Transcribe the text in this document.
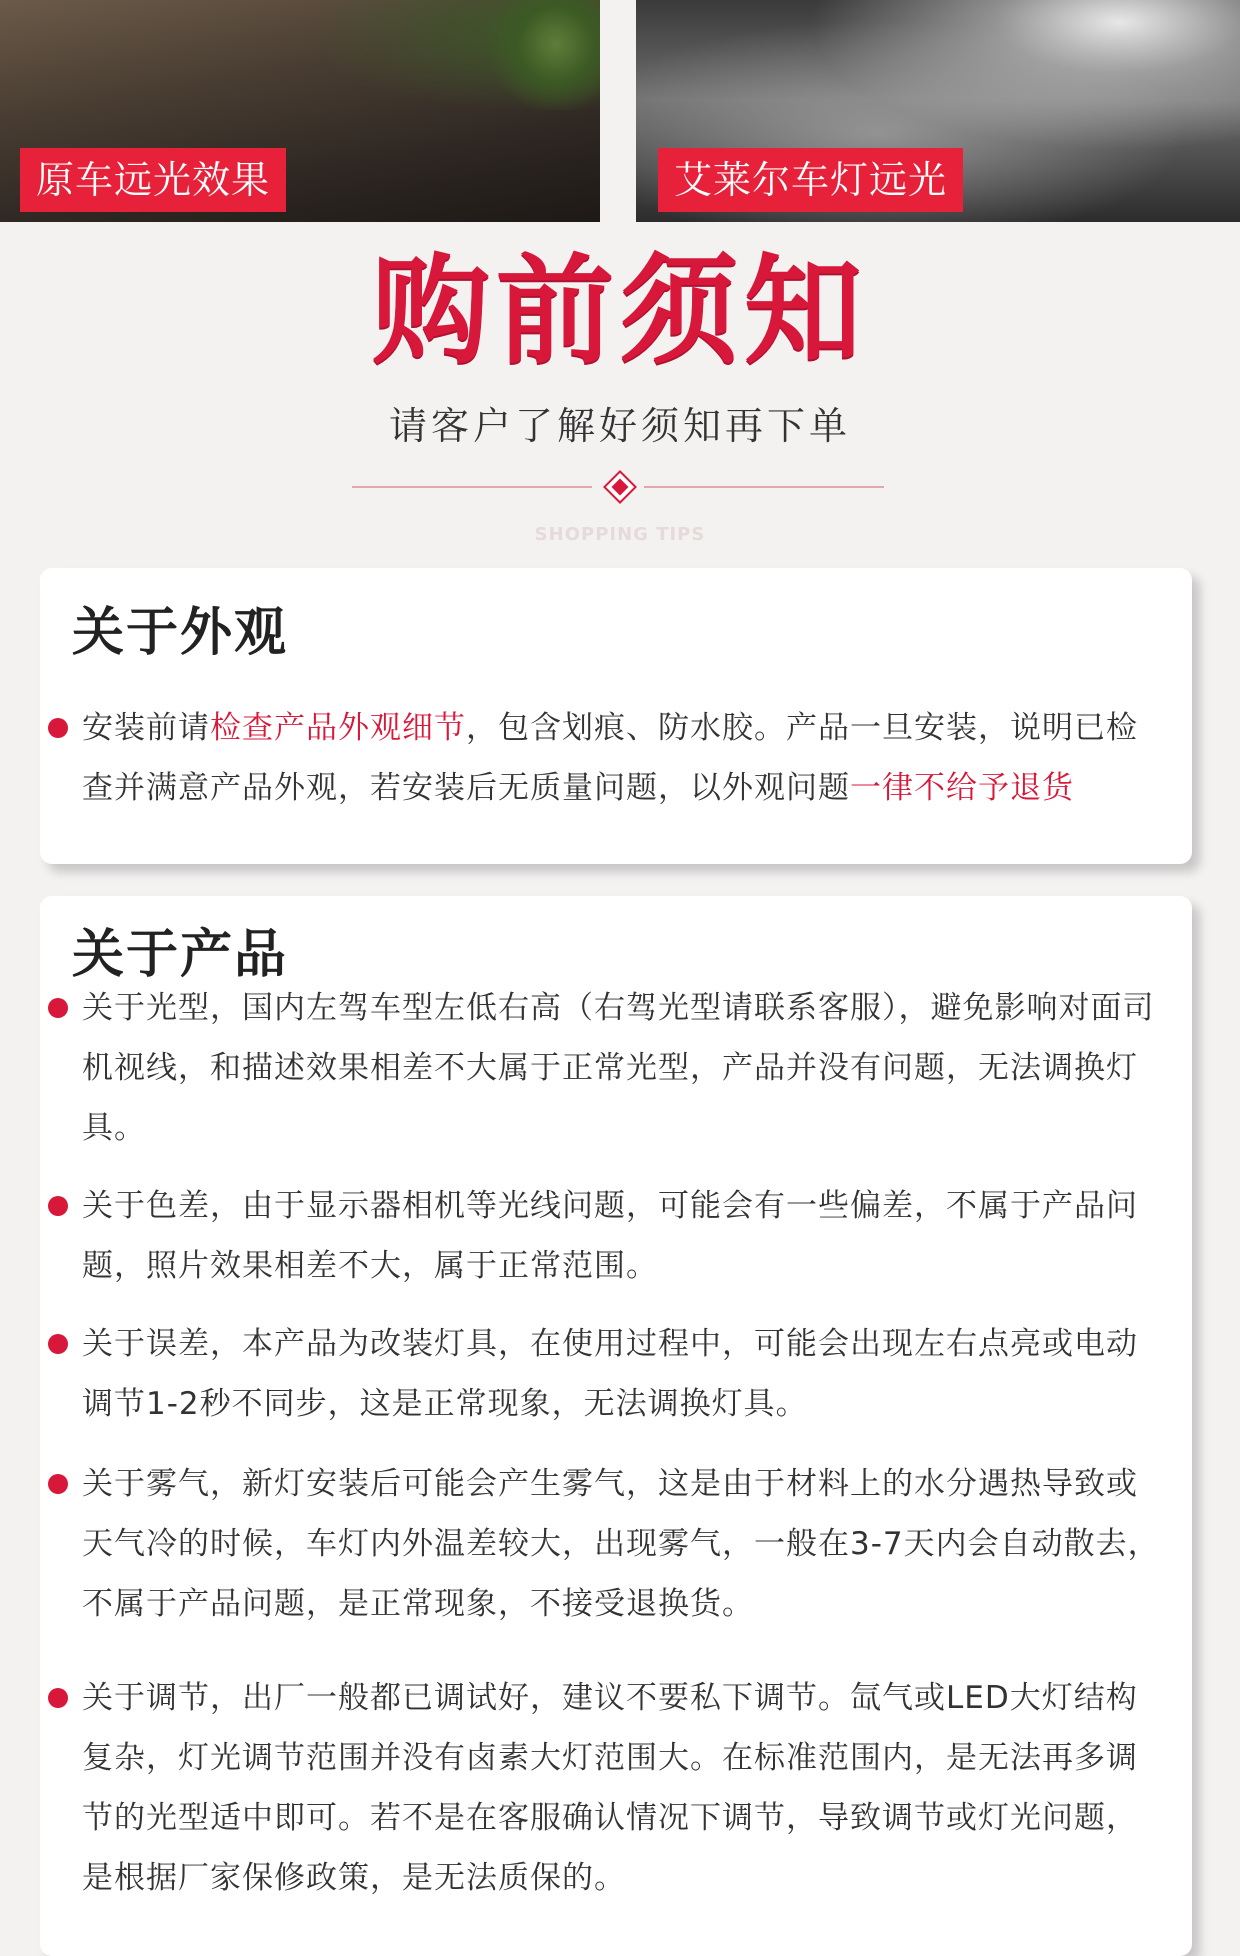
原车远光效果	艾莱尔车灯远光
购前须知
请客户了解好须知再下单
SHOPPING TIPS
关于外观
安装前请检查产品外观细节，包含划痕、防水胶。产品一旦安装，说明已检查并满意产品外观，若安装后无质量问题，以外观问题一律不给予退货
关于产品
关于光型，国内左驾车型左低右高（右驾光型请联系客服），避免影响对面司机视线，和描述效果相差不大属于正常光型，产品并没有问题，无法调换灯具。
关于色差，由于显示器相机等光线问题，可能会有一些偏差，不属于产品问题，照片效果相差不大，属于正常范围。
关于误差，本产品为改装灯具，在使用过程中，可能会出现左右点亮或电动调节1-2秒不同步，这是正常现象，无法调换灯具。
关于雾气，新灯安装后可能会产生雾气，这是由于材料上的水分遇热导致或天气冷的时候，车灯内外温差较大，出现雾气，一般在3-7天内会自动散去，不属于产品问题，是正常现象，不接受退换货。
关于调节，出厂一般都已调试好，建议不要私下调节。氙气或LED大灯结构复杂，灯光调节范围并没有卤素大灯范围大。在标准范围内，是无法再多调节的光型适中即可。若不是在客服确认情况下调节，导致调节或灯光问题，是根据厂家保修政策，是无法质保的。
